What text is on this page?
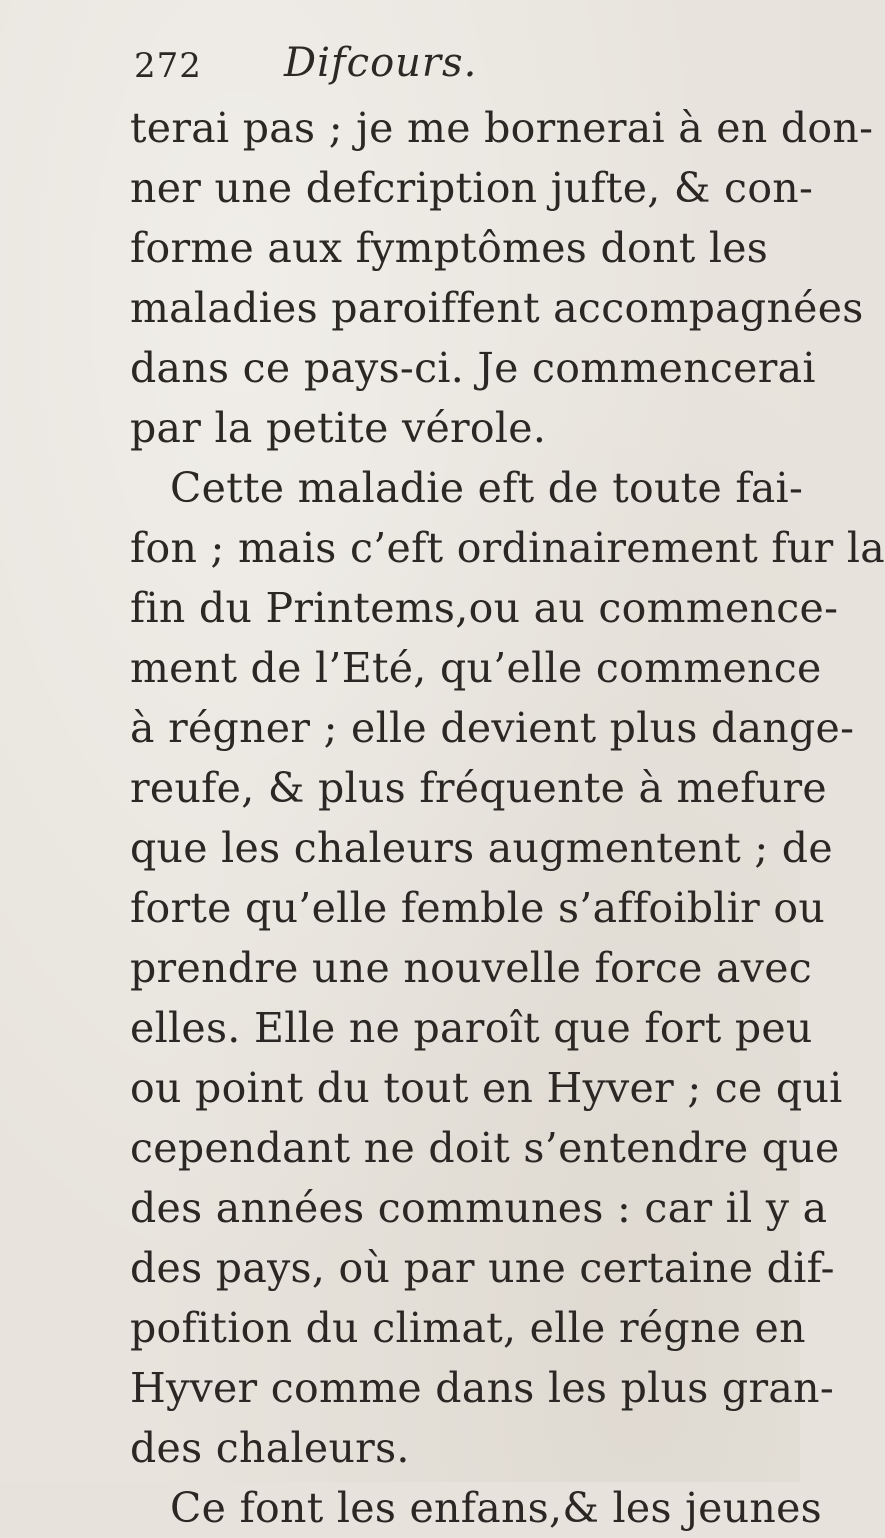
272 Difcours.
terai pas ; je me bornerai à en don-
ner une defcription jufte, & con-
forme aux fymptômes dont les
maladies paroiffent accompagnées
dans ce pays-ci. Je commencerai
par la petite vérole.
Cette maladie eft de toute fai-
fon ; mais c’eft ordinairement fur la
fin du Printems,ou au commence-
ment de l’Eté, qu’elle commence
à régner ; elle devient plus dange-
reufe, & plus fréquente à mefure
que les chaleurs augmentent ; de
forte qu’elle femble s’affoiblir ou
prendre une nouvelle force avec
elles. Elle ne paroît que fort peu
ou point du tout en Hyver ; ce qui
cependant ne doit s’entendre que
des années communes : car il y a
des pays, où par une certaine dif-
pofition du climat, elle régne en
Hyver comme dans les plus gran-
des chaleurs.
Ce font les enfans,& les jeunes
